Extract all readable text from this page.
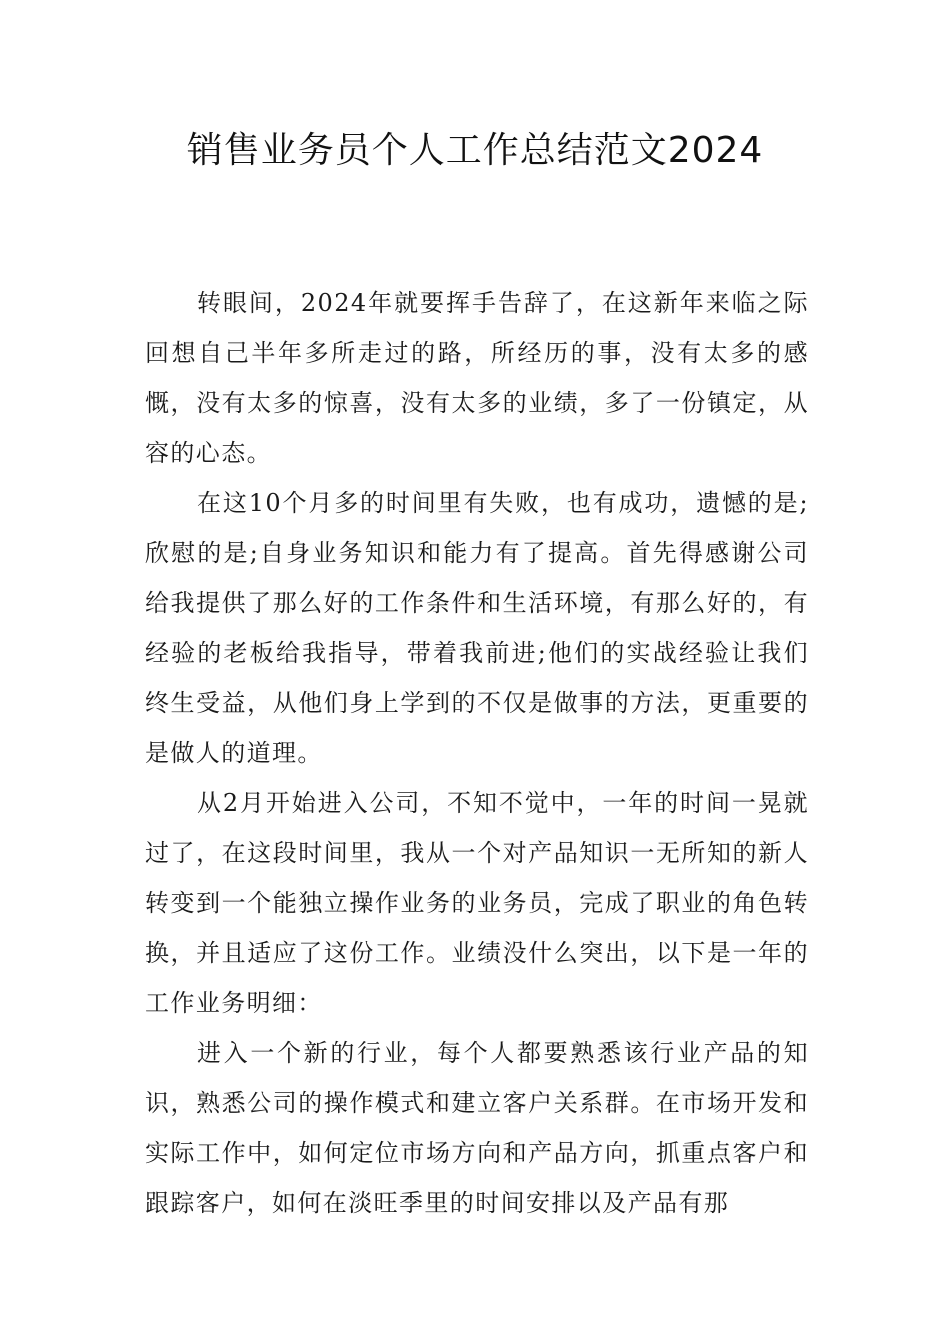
销售业务员个人工作总结范文2024

转眼间，2024年就要挥手告辞了，在这新年来临之际回想自己半年多所走过的路，所经历的事，没有太多的感慨，没有太多的惊喜，没有太多的业绩，多了一份镇定，从容的心态。

在这10个月多的时间里有失败，也有成功，遗憾的是;欣慰的是;自身业务知识和能力有了提高。首先得感谢公司给我提供了那么好的工作条件和生活环境，有那么好的，有经验的老板给我指导，带着我前进;他们的实战经验让我们终生受益，从他们身上学到的不仅是做事的方法，更重要的是做人的道理。

从2月开始进入公司，不知不觉中，一年的时间一晃就过了，在这段时间里，我从一个对产品知识一无所知的新人转变到一个能独立操作业务的业务员，完成了职业的角色转换，并且适应了这份工作。业绩没什么突出，以下是一年的工作业务明细：

进入一个新的行业，每个人都要熟悉该行业产品的知识，熟悉公司的操作模式和建立客户关系群。在市场开发和实际工作中，如何定位市场方向和产品方向，抓重点客户和跟踪客户，如何在淡旺季里的时间安排以及产品有那
